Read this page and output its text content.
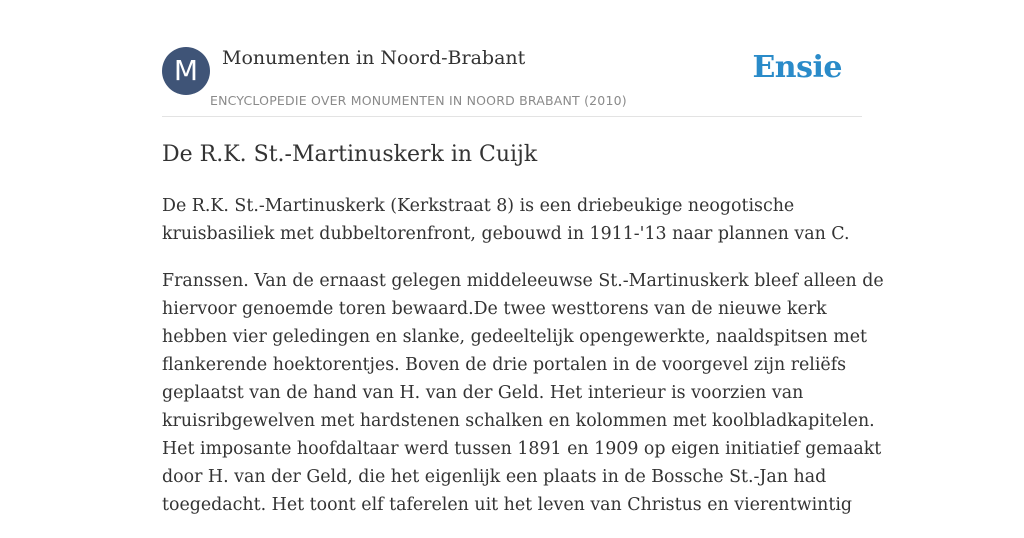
M	Monumenten in Noord-Brabant
ENCYCLOPEDIE OVER MONUMENTEN IN NOORD BRABANT (2010)
Ensie
De R.K. St.-Martinuskerk in Cuijk

De R.K. St.-Martinuskerk (Kerkstraat 8) is een driebeukige neogotische
kruisbasiliek met dubbeltorenfront, gebouwd in 1911-'13 naar plannen van C.

Franssen. Van de ernaast gelegen middeleeuwse St.-Martinuskerk bleef alleen de
hiervoor genoemde toren bewaard.De twee westtorens van de nieuwe kerk
hebben vier geledingen en slanke, gedeeltelijk opengewerkte, naaldspitsen met
flankerende hoektorentjes. Boven de drie portalen in de voorgevel zijn reliëfs
geplaatst van de hand van H. van der Geld. Het interieur is voorzien van
kruisribgewelven met hardstenen schalken en kolommen met koolbladkapitelen.
Het imposante hoofdaltaar werd tussen 1891 en 1909 op eigen initiatief gemaakt
door H. van der Geld, die het eigenlijk een plaats in de Bossche St.-Jan had
toegedacht. Het toont elf taferelen uit het leven van Christus en vierentwintig
